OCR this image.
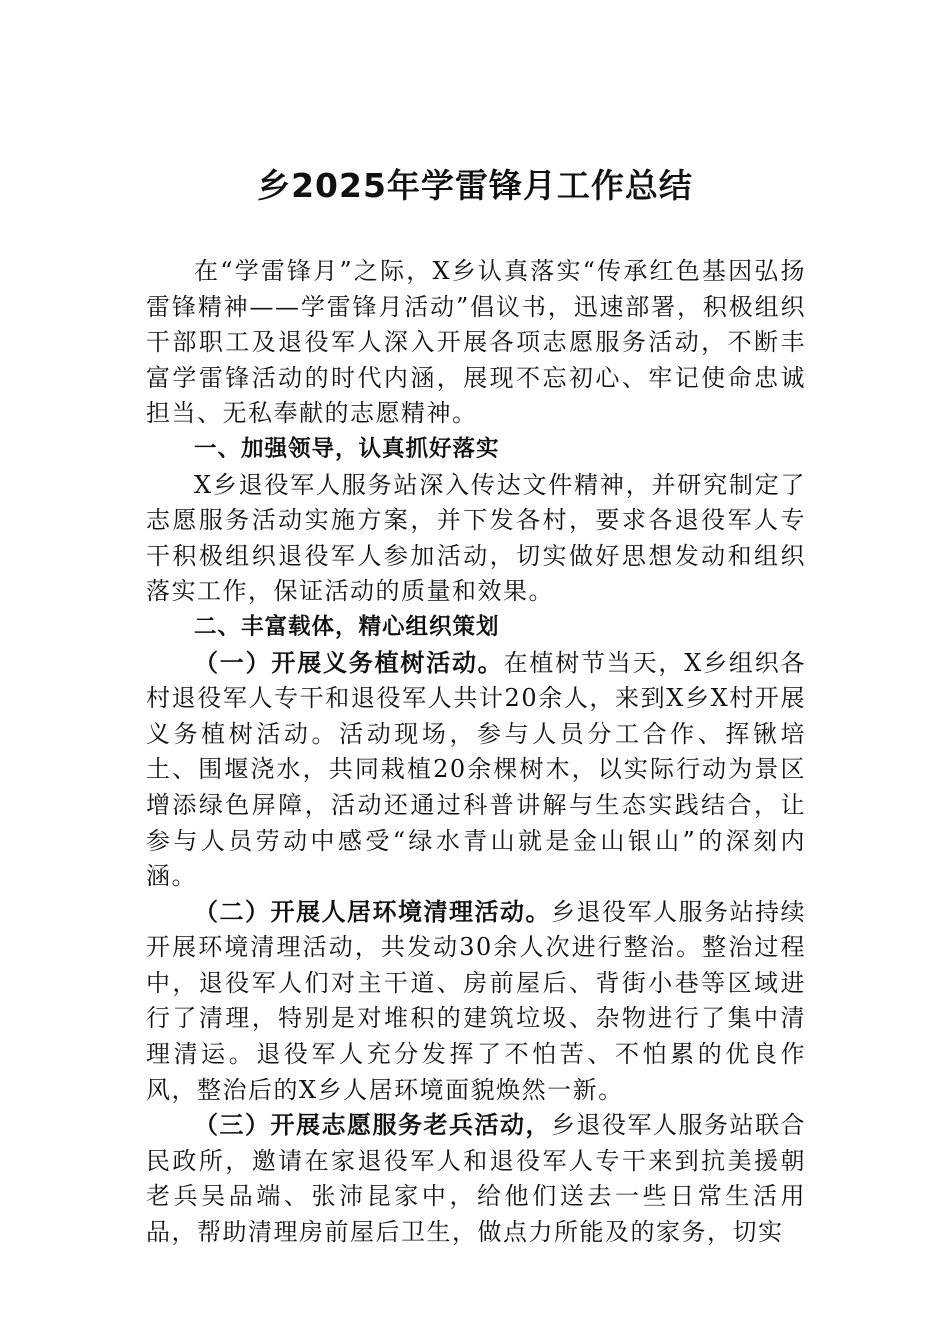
乡2025年学雷锋月工作总结

在“学雷锋月”之际，X乡认真落实“传承红色基因弘扬雷锋精神——学雷锋月活动”倡议书，迅速部署，积极组织干部职工及退役军人深入开展各项志愿服务活动，不断丰富学雷锋活动的时代内涵，展现不忘初心、牢记使命忠诚担当、无私奉献的志愿精神。

一、加强领导，认真抓好落实

X乡退役军人服务站深入传达文件精神，并研究制定了志愿服务活动实施方案，并下发各村，要求各退役军人专干积极组织退役军人参加活动，切实做好思想发动和组织落实工作，保证活动的质量和效果。

二、丰富载体，精心组织策划

（一）开展义务植树活动。在植树节当天，X乡组织各村退役军人专干和退役军人共计20余人，来到X乡X村开展义务植树活动。活动现场，参与人员分工合作、挥锹培土、围堰浇水，共同栽植20余棵树木，以实际行动为景区增添绿色屏障，活动还通过科普讲解与生态实践结合，让参与人员劳动中感受“绿水青山就是金山银山”的深刻内涵。

（二）开展人居环境清理活动。乡退役军人服务站持续开展环境清理活动，共发动30余人次进行整治。整治过程中，退役军人们对主干道、房前屋后、背街小巷等区域进行了清理，特别是对堆积的建筑垃圾、杂物进行了集中清理清运。退役军人充分发挥了不怕苦、不怕累的优良作风，整治后的X乡人居环境面貌焕然一新。

（三）开展志愿服务老兵活动，乡退役军人服务站联合民政所，邀请在家退役军人和退役军人专干来到抗美援朝老兵吴品端、张沛昆家中，给他们送去一些日常生活用品，帮助清理房前屋后卫生，做点力所能及的家务，切实
